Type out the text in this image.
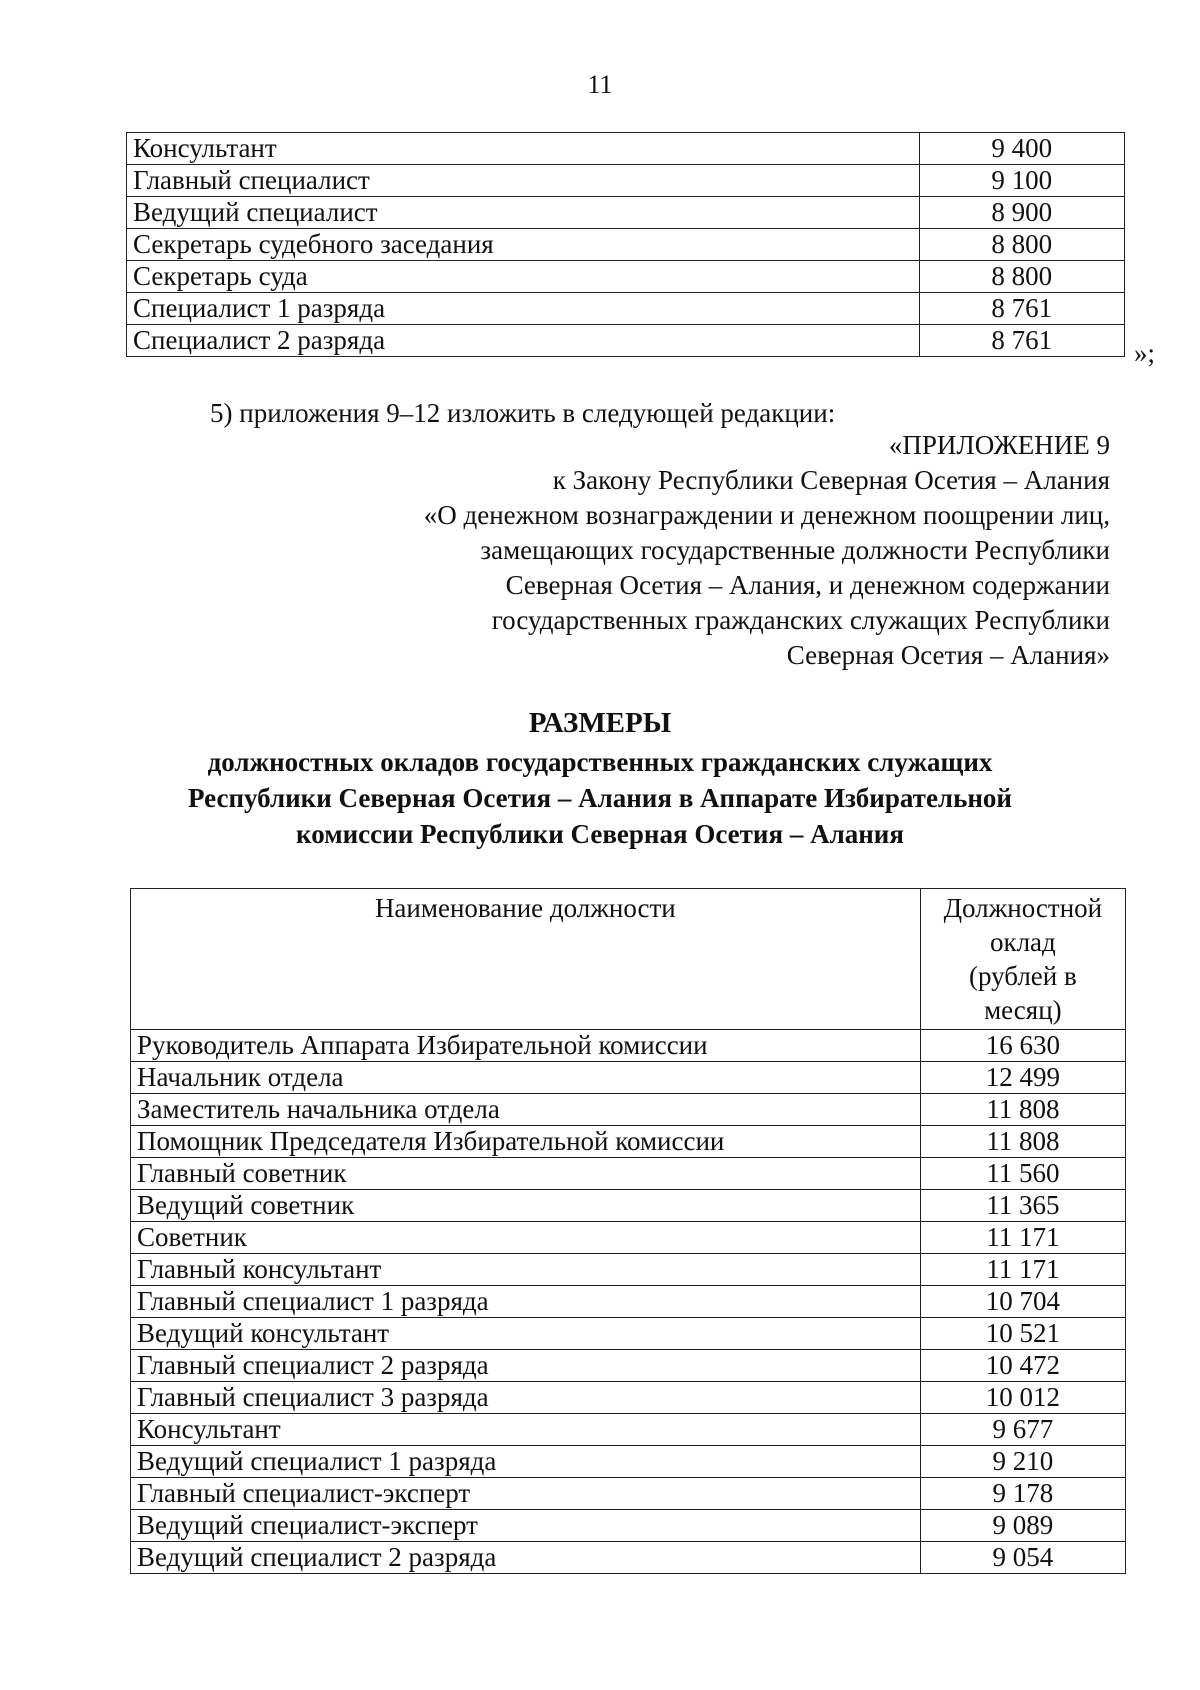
11
Консультант	9 400
Главный специалист	9 100
Ведущий специалист	8 900
Секретарь судебного заседания	8 800
Секретарь суда	8 800
Специалист 1 разряда	8 761
Специалист 2 разряда	8 761	»;
5) приложения 9–12 изложить в следующей редакции:
«ПРИЛОЖЕНИЕ 9
к Закону Республики Северная Осетия – Алания
«О денежном вознаграждении и денежном поощрении лиц,
замещающих государственные должности Республики
Северная Осетия – Алания, и денежном содержании
государственных гражданских служащих Республики
Северная Осетия – Алания»
РАЗМЕРЫ
должностных окладов государственных гражданских служащих
Республики Северная Осетия – Алания в Аппарате Избирательной
комиссии Республики Северная Осетия – Алания
Наименование должности	Должностной
оклад
(рублей в
месяц)

Руководитель Аппарата Избирательной комиссии	16 630
Начальник отдела	12 499
Заместитель начальника отдела	11 808
Помощник Председателя Избирательной комиссии	11 808
Главный советник	11 560
Ведущий советник	11 365
Советник	11 171
Главный консультант	11 171
Главный специалист 1 разряда	10 704
Ведущий консультант	10 521
Главный специалист 2 разряда	10 472
Главный специалист 3 разряда	10 012
Консультант	9 677
Ведущий специалист 1 разряда	9 210
Главный специалист-эксперт	9 178
Ведущий специалист-эксперт	9 089
Ведущий специалист 2 разряда	9 054
